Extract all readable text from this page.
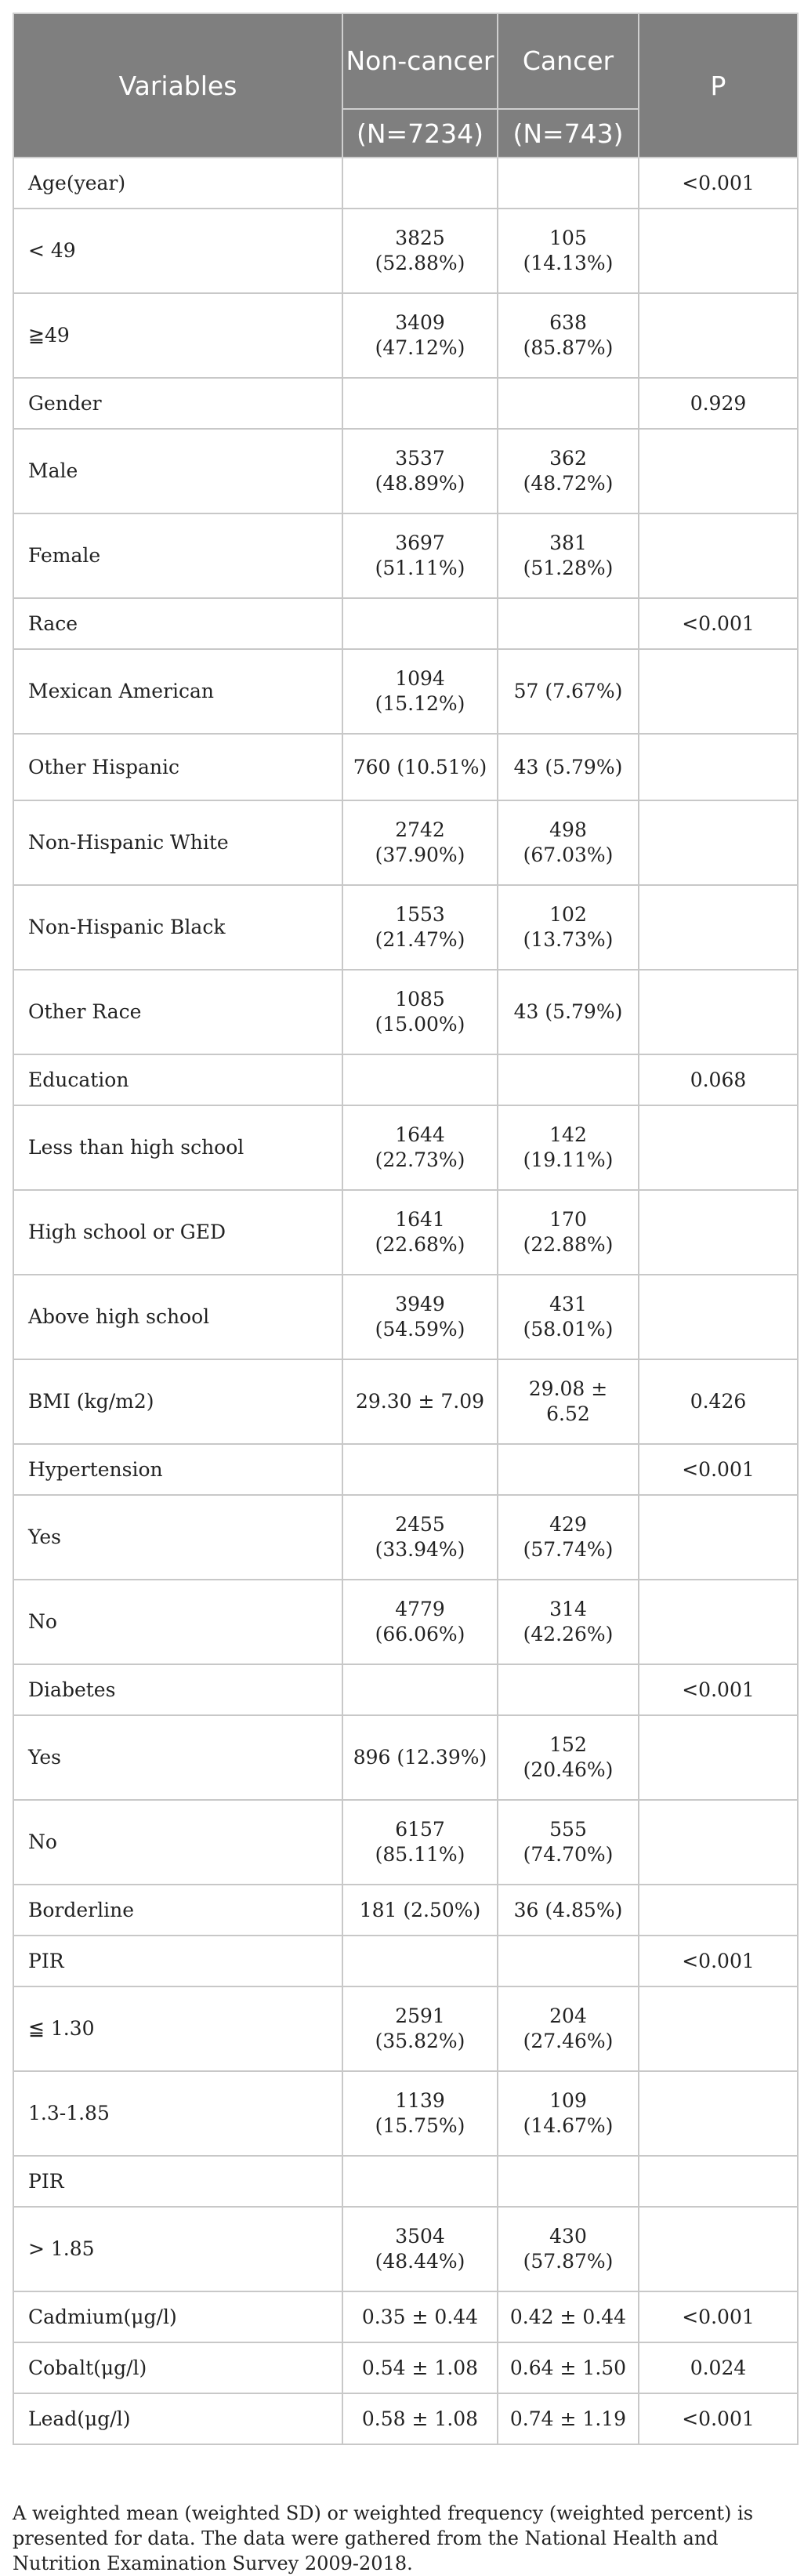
Variables	Non-cancer	Cancer	P
	(N=7234)	(N=743)	
Age(year)			<0.001
< 49	3825 (52.88%)	105 (14.13%)	
≧49	3409 (47.12%)	638 (85.87%)	
Gender			0.929
Male	3537 (48.89%)	362 (48.72%)	
Female	3697 (51.11%)	381 (51.28%)	
Race			<0.001
Mexican American	1094 (15.12%)	57 (7.67%)	
Other Hispanic	760 (10.51%)	43 (5.79%)	
Non-Hispanic White	2742 (37.90%)	498 (67.03%)	
Non-Hispanic Black	1553 (21.47%)	102 (13.73%)	
Other Race	1085 (15.00%)	43 (5.79%)	
Education			0.068
Less than high school	1644 (22.73%)	142 (19.11%)	
High school or GED	1641 (22.68%)	170 (22.88%)	
Above high school	3949 (54.59%)	431 (58.01%)	
BMI (kg/m2)	29.30 ± 7.09	29.08 ± 6.52	0.426
Hypertension			<0.001
Yes	2455 (33.94%)	429 (57.74%)	
No	4779 (66.06%)	314 (42.26%)	
Diabetes			<0.001
Yes	896 (12.39%)	152 (20.46%)	
No	6157 (85.11%)	555 (74.70%)	
Borderline	181 (2.50%)	36 (4.85%)	
PIR			<0.001
≦ 1.30	2591 (35.82%)	204 (27.46%)	
1.3-1.85	1139 (15.75%)	109 (14.67%)	
PIR			
> 1.85	3504 (48.44%)	430 (57.87%)	
Cadmium(μg/l)	0.35 ± 0.44	0.42 ± 0.44	<0.001
Cobalt(μg/l)	0.54 ± 1.08	0.64 ± 1.50	0.024
Lead(μg/l)	0.58 ± 1.08	0.74 ± 1.19	<0.001
A weighted mean (weighted SD) or weighted frequency (weighted percent) is presented for data. The data were gathered from the National Health and Nutrition Examination Survey 2009-2018.
